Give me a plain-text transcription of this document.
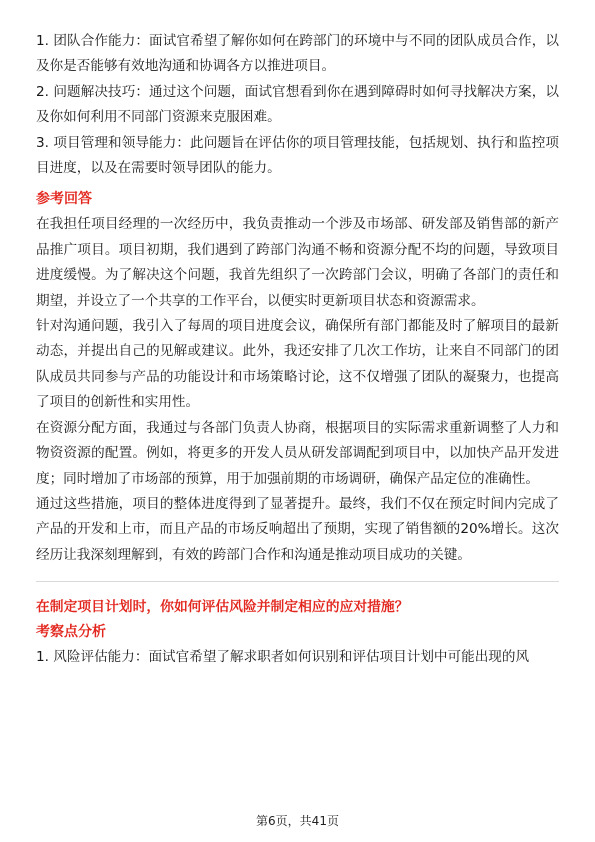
1. 团队合作能力：面试官希望了解你如何在跨部门的环境中与不同的团队成员合作，以及你是否能够有效地沟通和协调各方以推进项目。

2. 问题解决技巧：通过这个问题，面试官想看到你在遇到障碍时如何寻找解决方案，以及你如何利用不同部门资源来克服困难。

3. 项目管理和领导能力：此问题旨在评估你的项目管理技能，包括规划、执行和监控项目进度，以及在需要时领导团队的能力。

参考回答

在我担任项目经理的一次经历中，我负责推动一个涉及市场部、研发部及销售部的新产品推广项目。项目初期，我们遇到了跨部门沟通不畅和资源分配不均的问题，导致项目进度缓慢。为了解决这个问题，我首先组织了一次跨部门会议，明确了各部门的责任和期望，并设立了一个共享的工作平台，以便实时更新项目状态和资源需求。

针对沟通问题，我引入了每周的项目进度会议，确保所有部门都能及时了解项目的最新动态，并提出自己的见解或建议。此外，我还安排了几次工作坊，让来自不同部门的团队成员共同参与产品的功能设计和市场策略讨论，这不仅增强了团队的凝聚力，也提高了项目的创新性和实用性。

在资源分配方面，我通过与各部门负责人协商，根据项目的实际需求重新调整了人力和物资资源的配置。例如，将更多的开发人员从研发部调配到项目中，以加快产品开发进度；同时增加了市场部的预算，用于加强前期的市场调研，确保产品定位的准确性。

通过这些措施，项目的整体进度得到了显著提升。最终，我们不仅在预定时间内完成了产品的开发和上市，而且产品的市场反响超出了预期，实现了销售额的20%增长。这次经历让我深刻理解到，有效的跨部门合作和沟通是推动项目成功的关键。

在制定项目计划时，你如何评估风险并制定相应的应对措施？
考察点分析

1. 风险评估能力：面试官希望了解求职者如何识别和评估项目计划中可能出现的风

第6页，共41页
